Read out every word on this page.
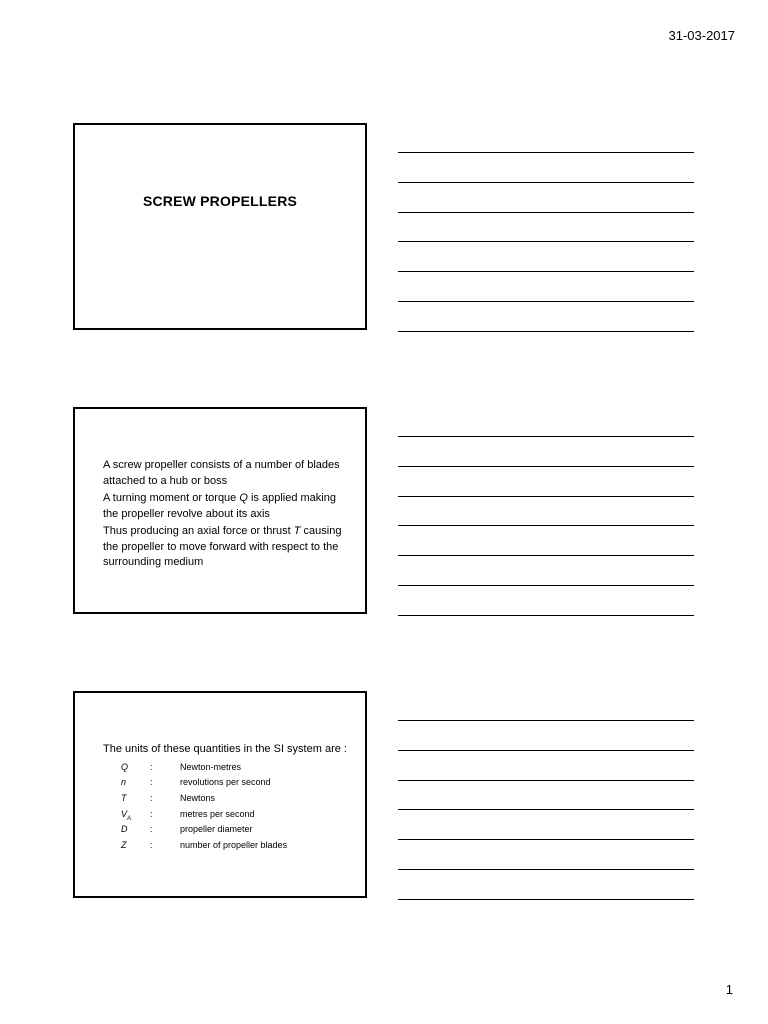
31-03-2017
SCREW PROPELLERS

A screw propeller consists of a number of blades attached to a hub or boss

A turning moment or torque Q is applied making the propeller revolve about its axis

Thus producing an axial force or thrust T causing the propeller to move forward with respect to the surrounding medium

The units of these quantities in the SI system are :
Q :	Newton-metres
n	:	revolutions per second
T	:	Newtons
$V_A$ :	metres per second
D	:	propeller diameter
Z	:	number of propeller blades
1
